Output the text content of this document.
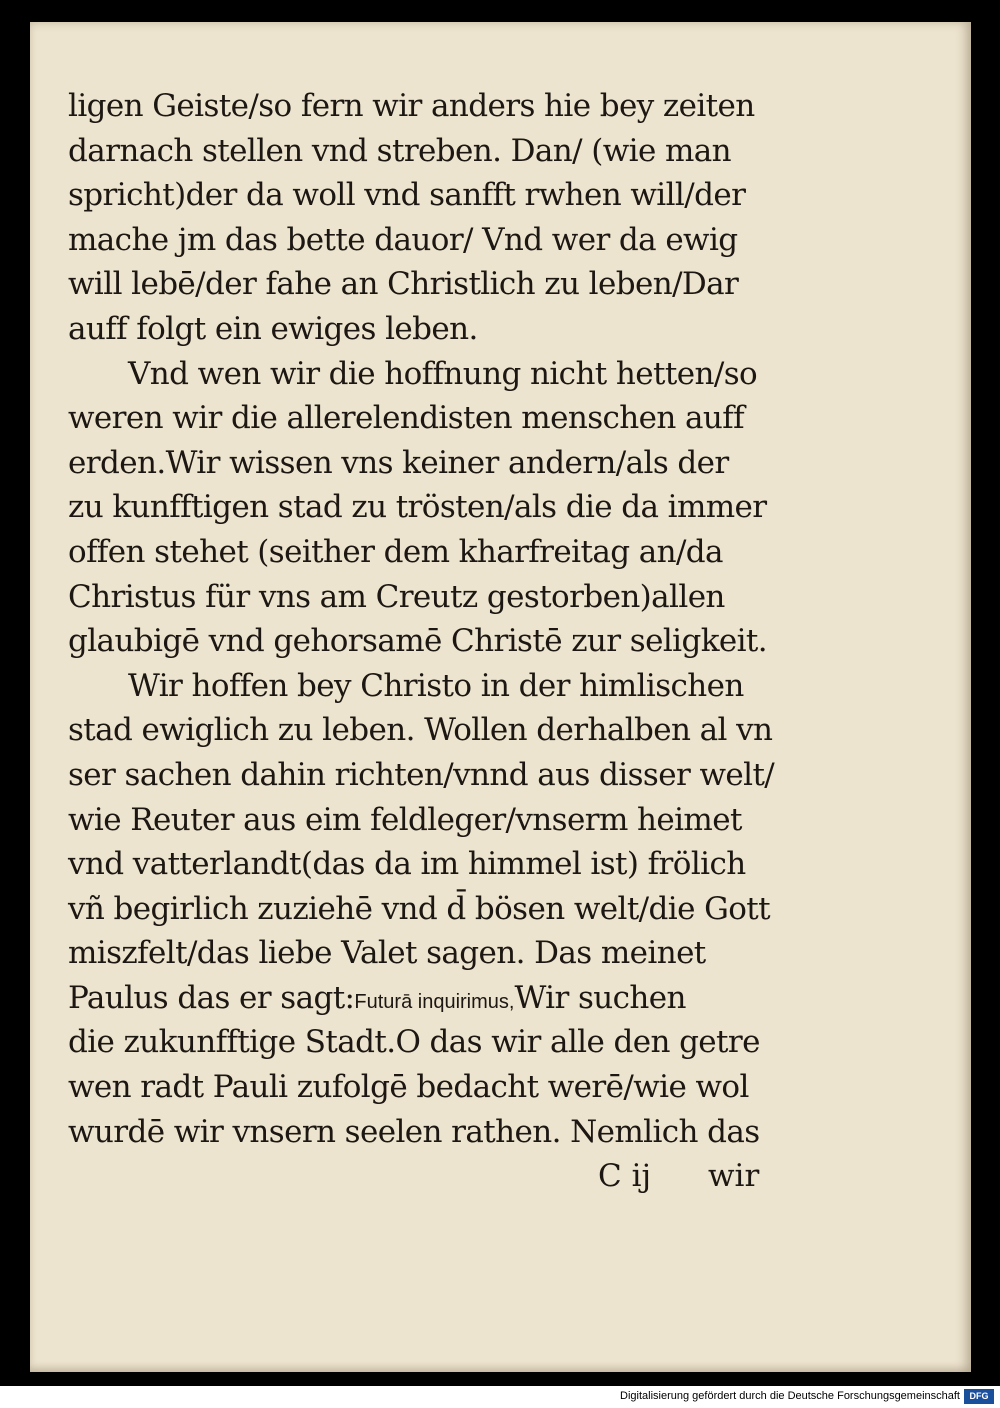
ligen Geiste/so fern wir anders hie bey zeiten
darnach stellen vnd streben. Dan/ (wie man
spricht)der da woll vnd sanfft rwhen will/der
mache jm das bette dauor/ Vnd wer da ewig
will lebē/der fahe an Christlich zu leben/Dar
auff folgt ein ewiges leben.
Vnd wen wir die hoffnung nicht hetten/so
weren wir die allerelendisten menschen auff
erden.Wir wissen vns keiner andern/als der
zu kunfftigen stad zu trösten/als die da immer
offen stehet (seither dem kharfreitag an/da
Christus für vns am Creutz gestorben)allen
glaubigē vnd gehorsamē Christē zur seligkeit.
Wir hoffen bey Christo in der himlischen
stad ewiglich zu leben. Wollen derhalben al vn
ser sachen dahin richten/vnnd aus disser welt/
wie Reuter aus eim feldleger/vnserm heimet
vnd vatterlandt(das da im himmel ist) frölich
vñ begirlich zuziehē vnd d̄ bösen welt/die Gott
miszfelt/das liebe Valet sagen. Das meinet
Paulus das er sagt:Futurā inquirimus,Wir suchen
die zukunfftige Stadt.O das wir alle den getre
wen radt Pauli zufolgē bedacht werē/wie wol
wurdē wir vnsern seelen rathen. Nemlich das
C ij wir
Digitalisierung gefördert durch die Deutsche Forschungsgemeinschaft	DFG
